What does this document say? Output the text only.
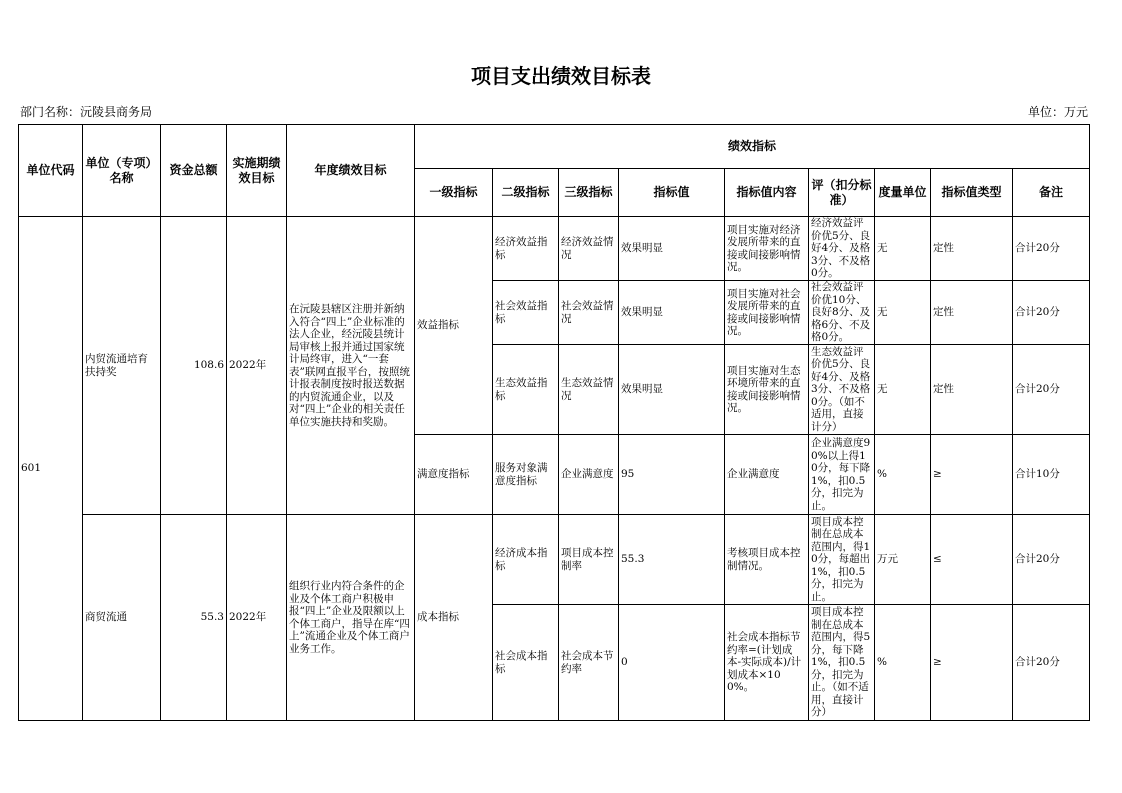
项目支出绩效目标表
部门名称：沅陵县商务局	单位：万元
单位代码	单位（专项）名称	资金总额	实施期绩效目标	年度绩效目标	绩效指标								
					一级指标	二级指标	三级指标	指标值	指标值内容	评（扣分标准）	度量单位	指标值类型	备注
601	内贸流通培育扶持奖	108.6	2022年	在沅陵县辖区注册并新纳入符合“四上”企业标准的法人企业，经沅陵县统计局审核上报并通过国家统计局终审，进入“一套表”联网直报平台，按照统计报表制度按时报送数据的内贸流通企业，以及对“四上”企业的相关责任单位实施扶持和奖励。	效益指标	经济效益指标	经济效益情况	效果明显	项目实施对经济发展所带来的直接或间接影响情况。	经济效益评价优5分、良好4分、及格3分、不及格0分。	无	定性	合计20分
						社会效益指标	社会效益情况	效果明显	项目实施对社会发展所带来的直接或间接影响情况。	社会效益评价优10分、良好8分、及格6分、不及格0分。	无	定性	合计20分
						生态效益指标	生态效益情况	效果明显	项目实施对生态环境所带来的直接或间接影响情况。	生态效益评价优5分、良好4分、及格3分、不及格0分。（如不适用，直接计分）	无	定性	合计20分
					满意度指标	服务对象满意度指标	企业满意度	95	企业满意度	企业满意度90%以上得10分，每下降1%，扣0.5分，扣完为止。	%	≥	合计10分
	商贸流通	55.3	2022年	组织行业内符合条件的企业及个体工商户积极申报“四上”企业及限额以上个体工商户，指导在库“四上”流通企业及个体工商户业务工作。	成本指标	经济成本指标	项目成本控制率	55.3	考核项目成本控制情况。	项目成本控制在总成本范围内，得10分，每超出1%，扣0.5分，扣完为止。	万元	≤	合计20分
						社会成本指标	社会成本节约率	0	社会成本指标节约率=(计划成本-实际成本)/计划成本×100%。	项目成本控制在总成本范围内，得5分，每下降1%，扣0.5分，扣完为止。（如不适用，直接计分）	%	≥	合计20分
